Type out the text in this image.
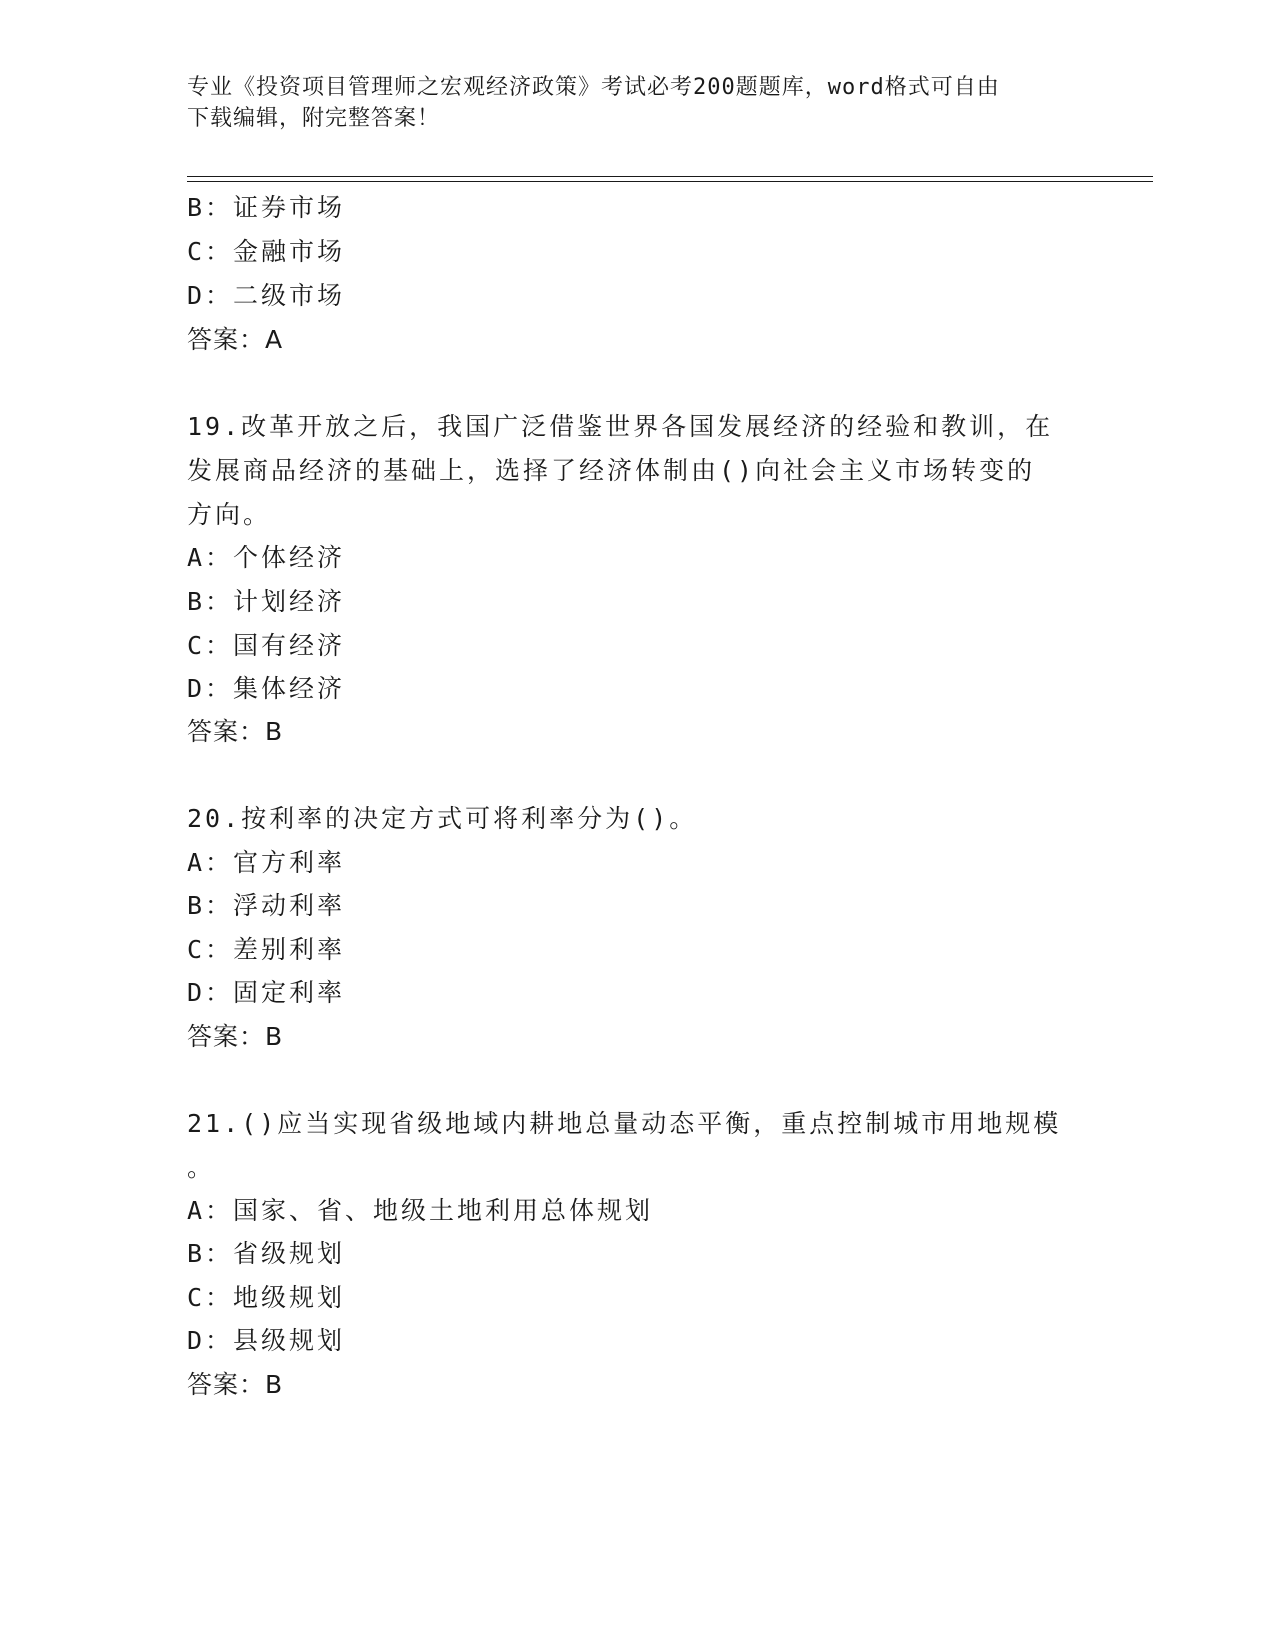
专业《投资项目管理师之宏观经济政策》考试必考200题题库，word格式可自由
下载编辑，附完整答案！
B：证券市场
C：金融市场
D：二级市场
答案：A
19.改革开放之后，我国广泛借鉴世界各国发展经济的经验和教训，在
发展商品经济的基础上，选择了经济体制由()向社会主义市场转变的
方向。
A：个体经济
B：计划经济
C：国有经济
D：集体经济
答案：B
20.按利率的决定方式可将利率分为()。
A：官方利率
B：浮动利率
C：差别利率
D：固定利率
答案：B
21.()应当实现省级地域内耕地总量动态平衡，重点控制城市用地规模
。
A：国家、省、地级土地利用总体规划
B：省级规划
C：地级规划
D：县级规划
答案：B
